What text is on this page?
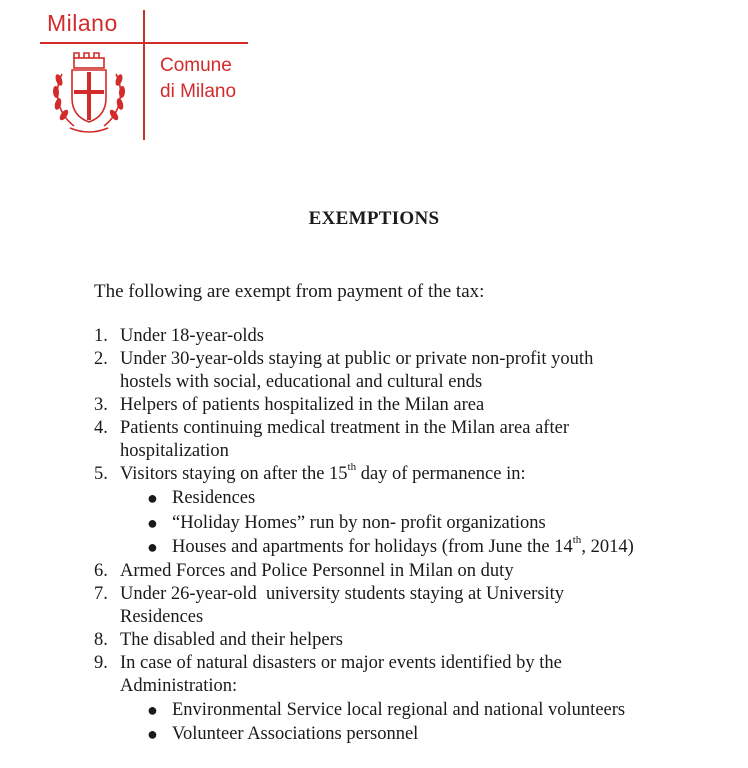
Milano
Comune
di Milano
EXEMPTIONS
The following are exempt from payment of the tax:
1. Under 18-year-olds
2. Under 30-year-olds staying at public or private non-profit youth
hostels with social, educational and cultural ends
3. Helpers of patients hospitalized in the Milan area
4. Patients continuing medical treatment in the Milan area after
hospitalization
5. Visitors staying on after the 15th day of permanence in:
● Residences
● “Holiday Homes” run by non- profit organizations
● Houses and apartments for holidays (from June the 14th, 2014)
6. Armed Forces and Police Personnel in Milan on duty
7. Under 26-year-old  university students staying at University
Residences
8. The disabled and their helpers
9. In case of natural disasters or major events identified by the
Administration:
● Environmental Service local regional and national volunteers
● Volunteer Associations personnel
